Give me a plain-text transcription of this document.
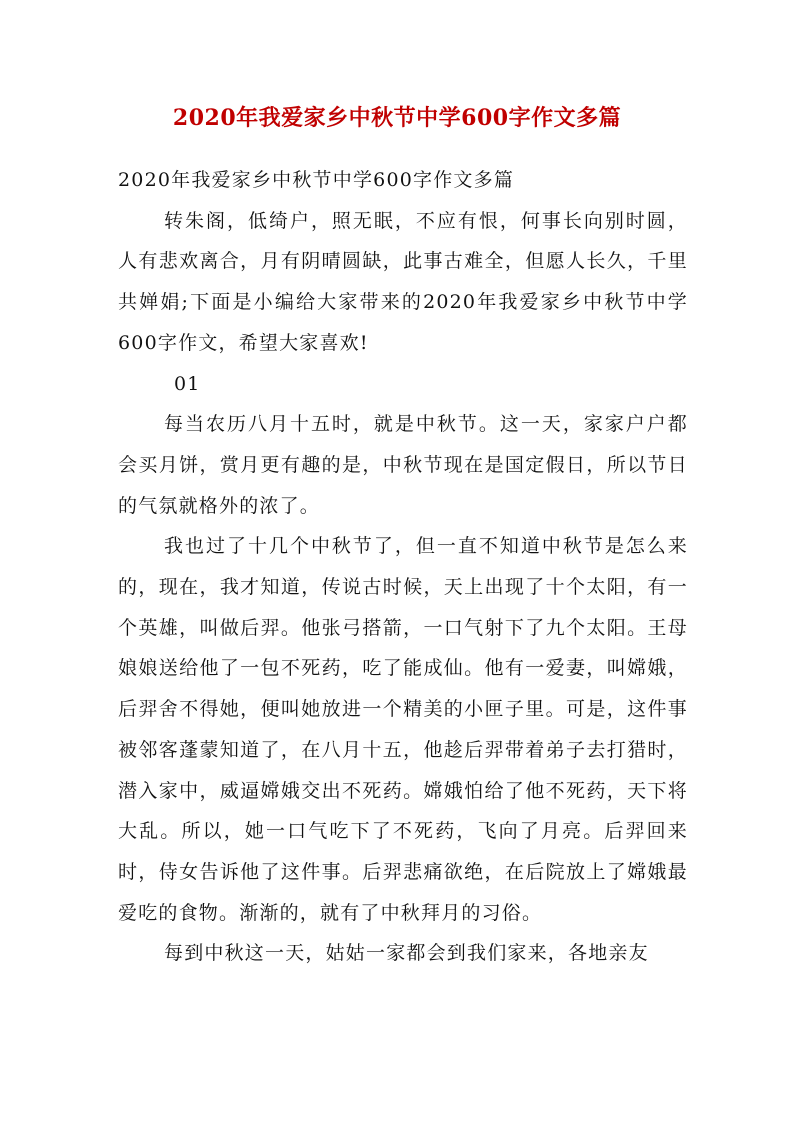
2020年我爱家乡中秋节中学600字作文多篇

2020年我爱家乡中秋节中学600字作文多篇

转朱阁，低绮户，照无眠，不应有恨，何事长向别时圆，人有悲欢离合，月有阴晴圆缺，此事古难全，但愿人长久，千里共婵娟;下面是小编给大家带来的2020年我爱家乡中秋节中学600字作文，希望大家喜欢!

01

每当农历八月十五时，就是中秋节。这一天，家家户户都会买月饼，赏月更有趣的是，中秋节现在是国定假日，所以节日的气氛就格外的浓了。

我也过了十几个中秋节了，但一直不知道中秋节是怎么来的，现在，我才知道，传说古时候，天上出现了十个太阳，有一个英雄，叫做后羿。他张弓搭箭，一口气射下了九个太阳。王母娘娘送给他了一包不死药，吃了能成仙。他有一爱妻，叫嫦娥，后羿舍不得她，便叫她放进一个精美的小匣子里。可是，这件事被邻客蓬蒙知道了，在八月十五，他趁后羿带着弟子去打猎时，潜入家中，威逼嫦娥交出不死药。嫦娥怕给了他不死药，天下将大乱。所以，她一口气吃下了不死药，飞向了月亮。后羿回来时，侍女告诉他了这件事。后羿悲痛欲绝，在后院放上了嫦娥最爱吃的食物。渐渐的，就有了中秋拜月的习俗。

每到中秋这一天，姑姑一家都会到我们家来，各地亲友
